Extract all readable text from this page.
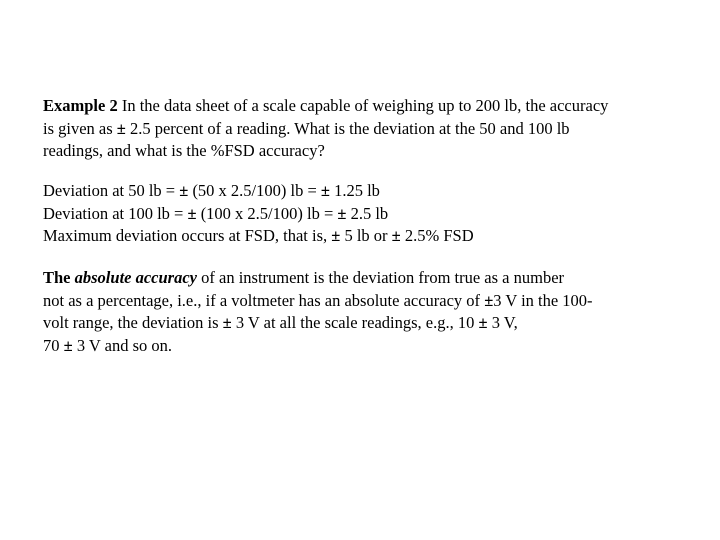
Example 2 In the data sheet of a scale capable of weighing up to 200 lb, the accuracy
is given as ± 2.5 percent of a reading. What is the deviation at the 50 and 100 lb
readings, and what is the %FSD accuracy?
Deviation at 50 lb = ± (50 x 2.5/100) lb = ± 1.25 lb
Deviation at 100 lb = ± (100 x 2.5/100) lb = ± 2.5 lb
Maximum deviation occurs at FSD, that is, ± 5 lb or ± 2.5% FSD
The absolute accuracy of an instrument is the deviation from true as a number
not as a percentage, i.e., if a voltmeter has an absolute accuracy of ±3 V in the 100-
volt range, the deviation is ± 3 V at all the scale readings, e.g., 10 ± 3 V,
70 ± 3 V and so on.
